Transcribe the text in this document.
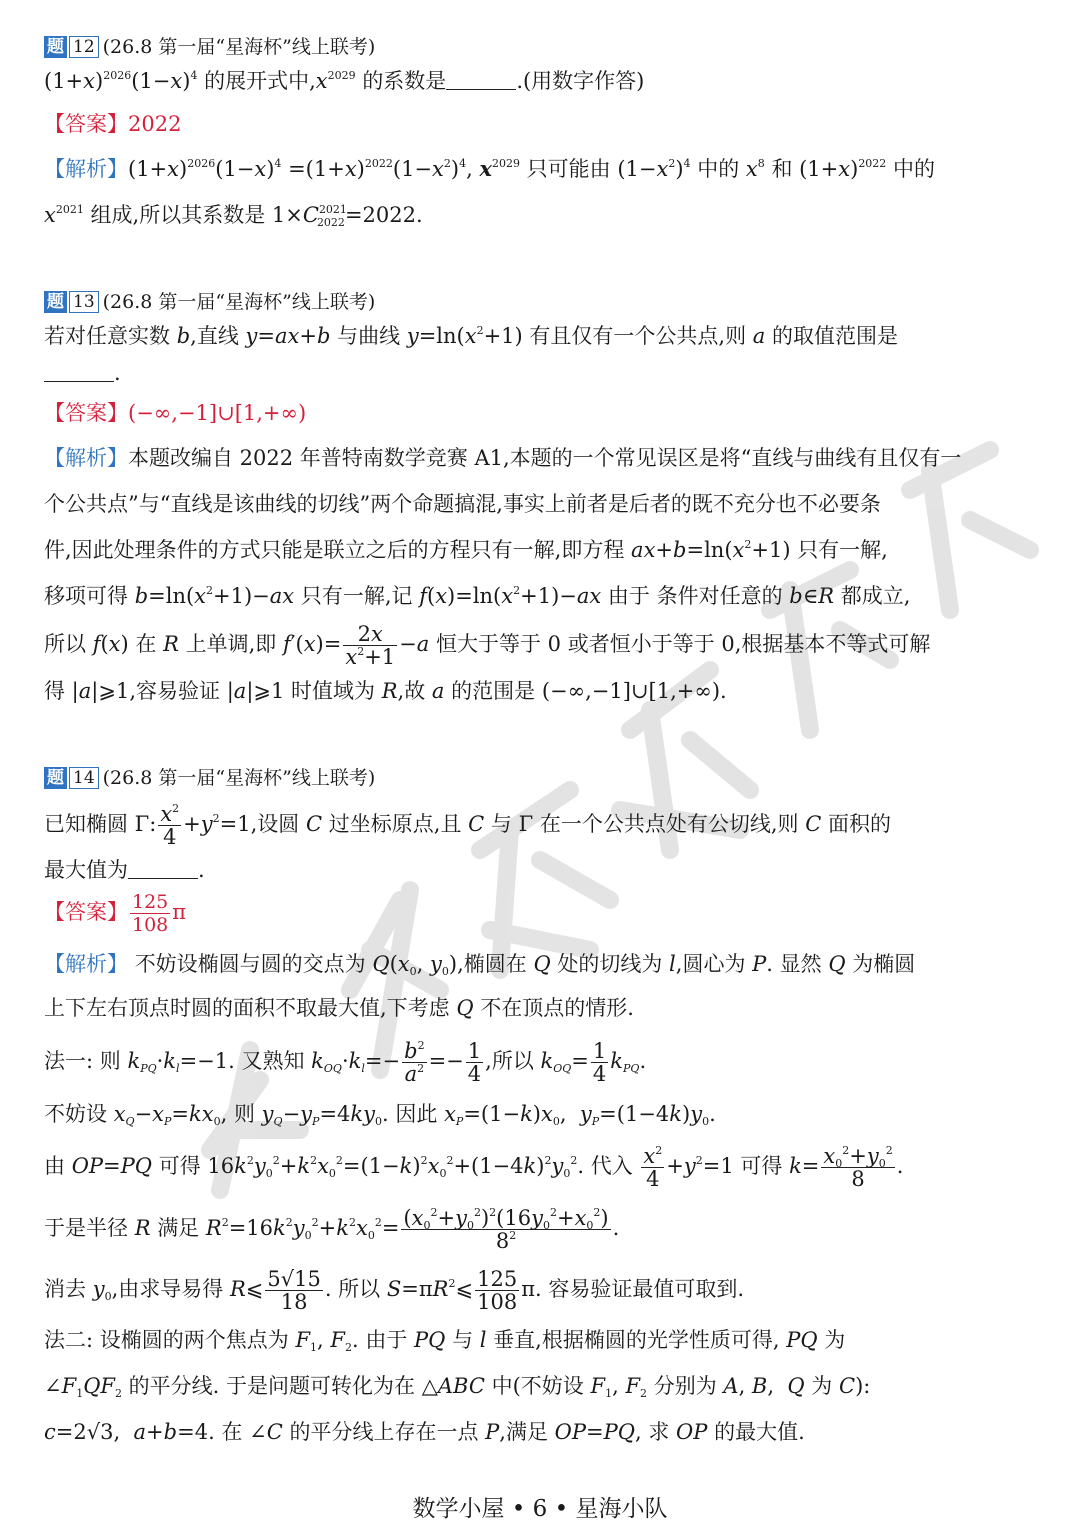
题 12 (26.8 第一届“星海杯”线上联考)
$(1+x)^{2026}(1-x)^4$ 的展开式中$,x^{2029}$ 的系数是	.(用数字作答)
【答案】2022
【解析】$(1+x)^{2026}(1-x)^4 =(1+x)^{2022}(1-x^2)^4$, $x^{2029}$ 只可能由 $(1-x^2)^4$ 中的 $x^8$ 和 $(1+x)^{2022}$ 中的
$x^{2021}$ 组成,所以其系数是 $1\times C^{2021}_{2022}=2022$.
题 13 (26.8 第一届“星海杯”线上联考)
若对任意实数 b,直线 y=ax+b 与曲线 $y=\ln(x^2+1)$ 有且仅有一个公共点,则 a 的取值范围是
.
【答案】(−∞,−1]∪[1,+∞)
【解析】本题改编自 2022 年普特南数学竞赛 A1,本题的一个常见误区是将“直线与曲线有且仅有一
个公共点”与“直线是该曲线的切线”两个命题搞混,事实上前者是后者的既不充分也不必要条
件,因此处理条件的方式只能是联立之后的方程只有一解,即方程 $ax+b=\ln(x^2+1)$ 只有一解,
移项可得 $b=\ln(x^2+1)-ax$ 只有一解,记 $f(x)=\ln(x^2+1)-ax$ 由于 条件对任意的 b∈R 都成立,
所以 f(x) 在 R 上单调,即 $f'(x)= \frac{2x}{x^2+1} -a$ 恒大于等于 0 或者恒小于等于 0,根据基本不等式可解
得 |a|⩾1,容易验证 |a|⩾1 时值域为 R,故 a 的范围是 (−∞,−1]∪[1,+∞).
题 14 (26.8 第一届“星海杯”线上联考)
已知椭圆 Γ: $\frac{x^2}{4} +y^2=1$,设圆 C 过坐标原点,且 C 与 Γ 在一个公共点处有公切线,则 C 面积的
最大值为	.
【答案】 $\frac{125}{108}$ π
【解析】 不妨设椭圆与圆的交点为 $Q(x_0$, $y_0$),椭圆在 Q 处的切线为 l,圆心为 P. 显然 Q 为椭圆
上下左右顶点时圆的面积不取最大值,下考虑 Q 不在顶点的情形.
法一: 则 $k_{PQ}\cdot k_l=-1$. 又熟知 $k_{OQ}\cdot k_l=- \frac{b^2}{a^2} =- \frac{1}{4}$ ,所以 $k_{OQ}= \frac{1}{4} k_{PQ}$.
不妨设 $x_Q-x_P=kx_0$, 则 $y_Q-y_P=4ky_0$. 因此 $x_P=(1-k)x_0$,  $y_P=(1-4k)y_0$.
由 OP=PQ 可得 $16k^2y_0^2+k^2x_0^2=(1-k)^2x_0^2+(1-4k)^2y_0^2$. 代入 $\frac{x^2}{4} +y^2=1$ 可得 $k= \frac{x_0^2+y_0^2}{8}$ .
于是半径 R 满足 $R^2=16k^2y_0^2+k^2x_0^2= \frac{(x_0^2+y_0^2)^2(16y_0^2+x_0^2)}{8^2}$ .
消去 $y_0$,由求导易得 R⩽ $\frac{5√15}{18}$ . 所以 $S=\pi R^2⩽ \frac{125}{108} \pi$. 容易验证最值可取到.
法二: 设椭圆的两个焦点为 $F_1$, $F_2$. 由于 PQ 与 l 垂直,根据椭圆的光学性质可得, PQ 为
$\angle F_1QF_2$ 的平分线. 于是问题可转化为在 △ABC 中(不妨设 $F_1$, $F_2$ 分别为 A, B,  Q 为 C):
c=2√3,  a+b=4. 在 ∠C 的平分线上存在一点 P,满足 OP=PQ, 求 OP 的最大值.
数学小屋 • 6 • 星海小队
